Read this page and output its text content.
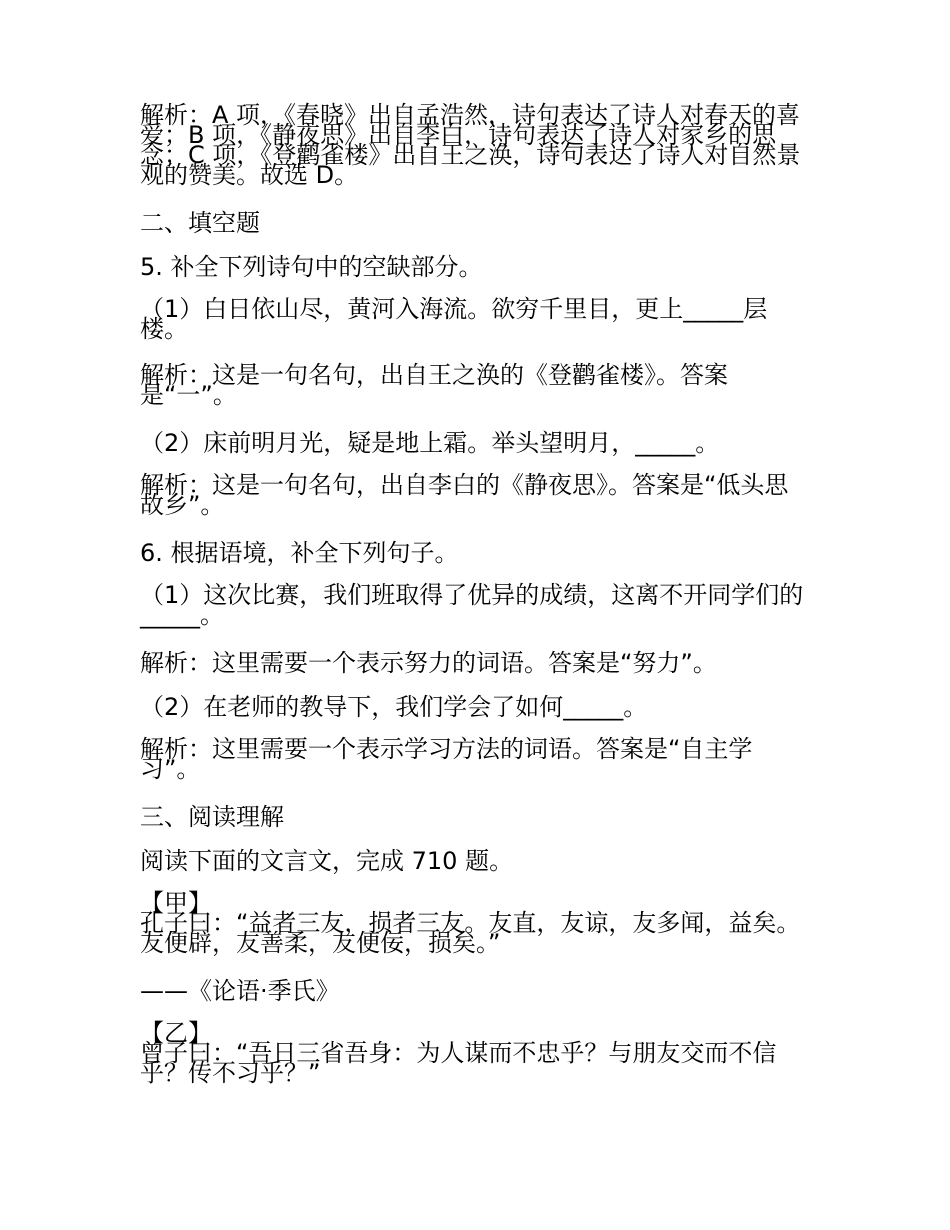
解析：A 项，《春晓》出自孟浩然，诗句表达了诗人对春天的喜爱；B 项，《静夜思》出自李白，诗句表达了诗人对家乡的思念；C 项，《登鹳雀楼》出自王之涣，诗句表达了诗人对自然景观的赞美。故选 D。

二、填空题

5. 补全下列诗句中的空缺部分。

（1）白日依山尽，黄河入海流。欲穷千里目，更上_____层楼。

解析：这是一句名句，出自王之涣的《登鹳雀楼》。答案是“一”。

（2）床前明月光，疑是地上霜。举头望明月，_____。

解析：这是一句名句，出自李白的《静夜思》。答案是“低头思故乡”。

6. 根据语境，补全下列句子。

（1）这次比赛，我们班取得了优异的成绩，这离不开同学们的_____。

解析：这里需要一个表示努力的词语。答案是“努力”。

（2）在老师的教导下，我们学会了如何_____。

解析：这里需要一个表示学习方法的词语。答案是“自主学习”。

三、阅读理解

阅读下面的文言文，完成 710 题。

【甲】
孔子曰：“益者三友，损者三友。友直，友谅，友多闻，益矣。友便辟，友善柔，友便佞，损矣。”

——《论语·季氏》

【乙】
曾子曰：“吾日三省吾身：为人谋而不忠乎？与朋友交而不信乎？传不习乎？”
